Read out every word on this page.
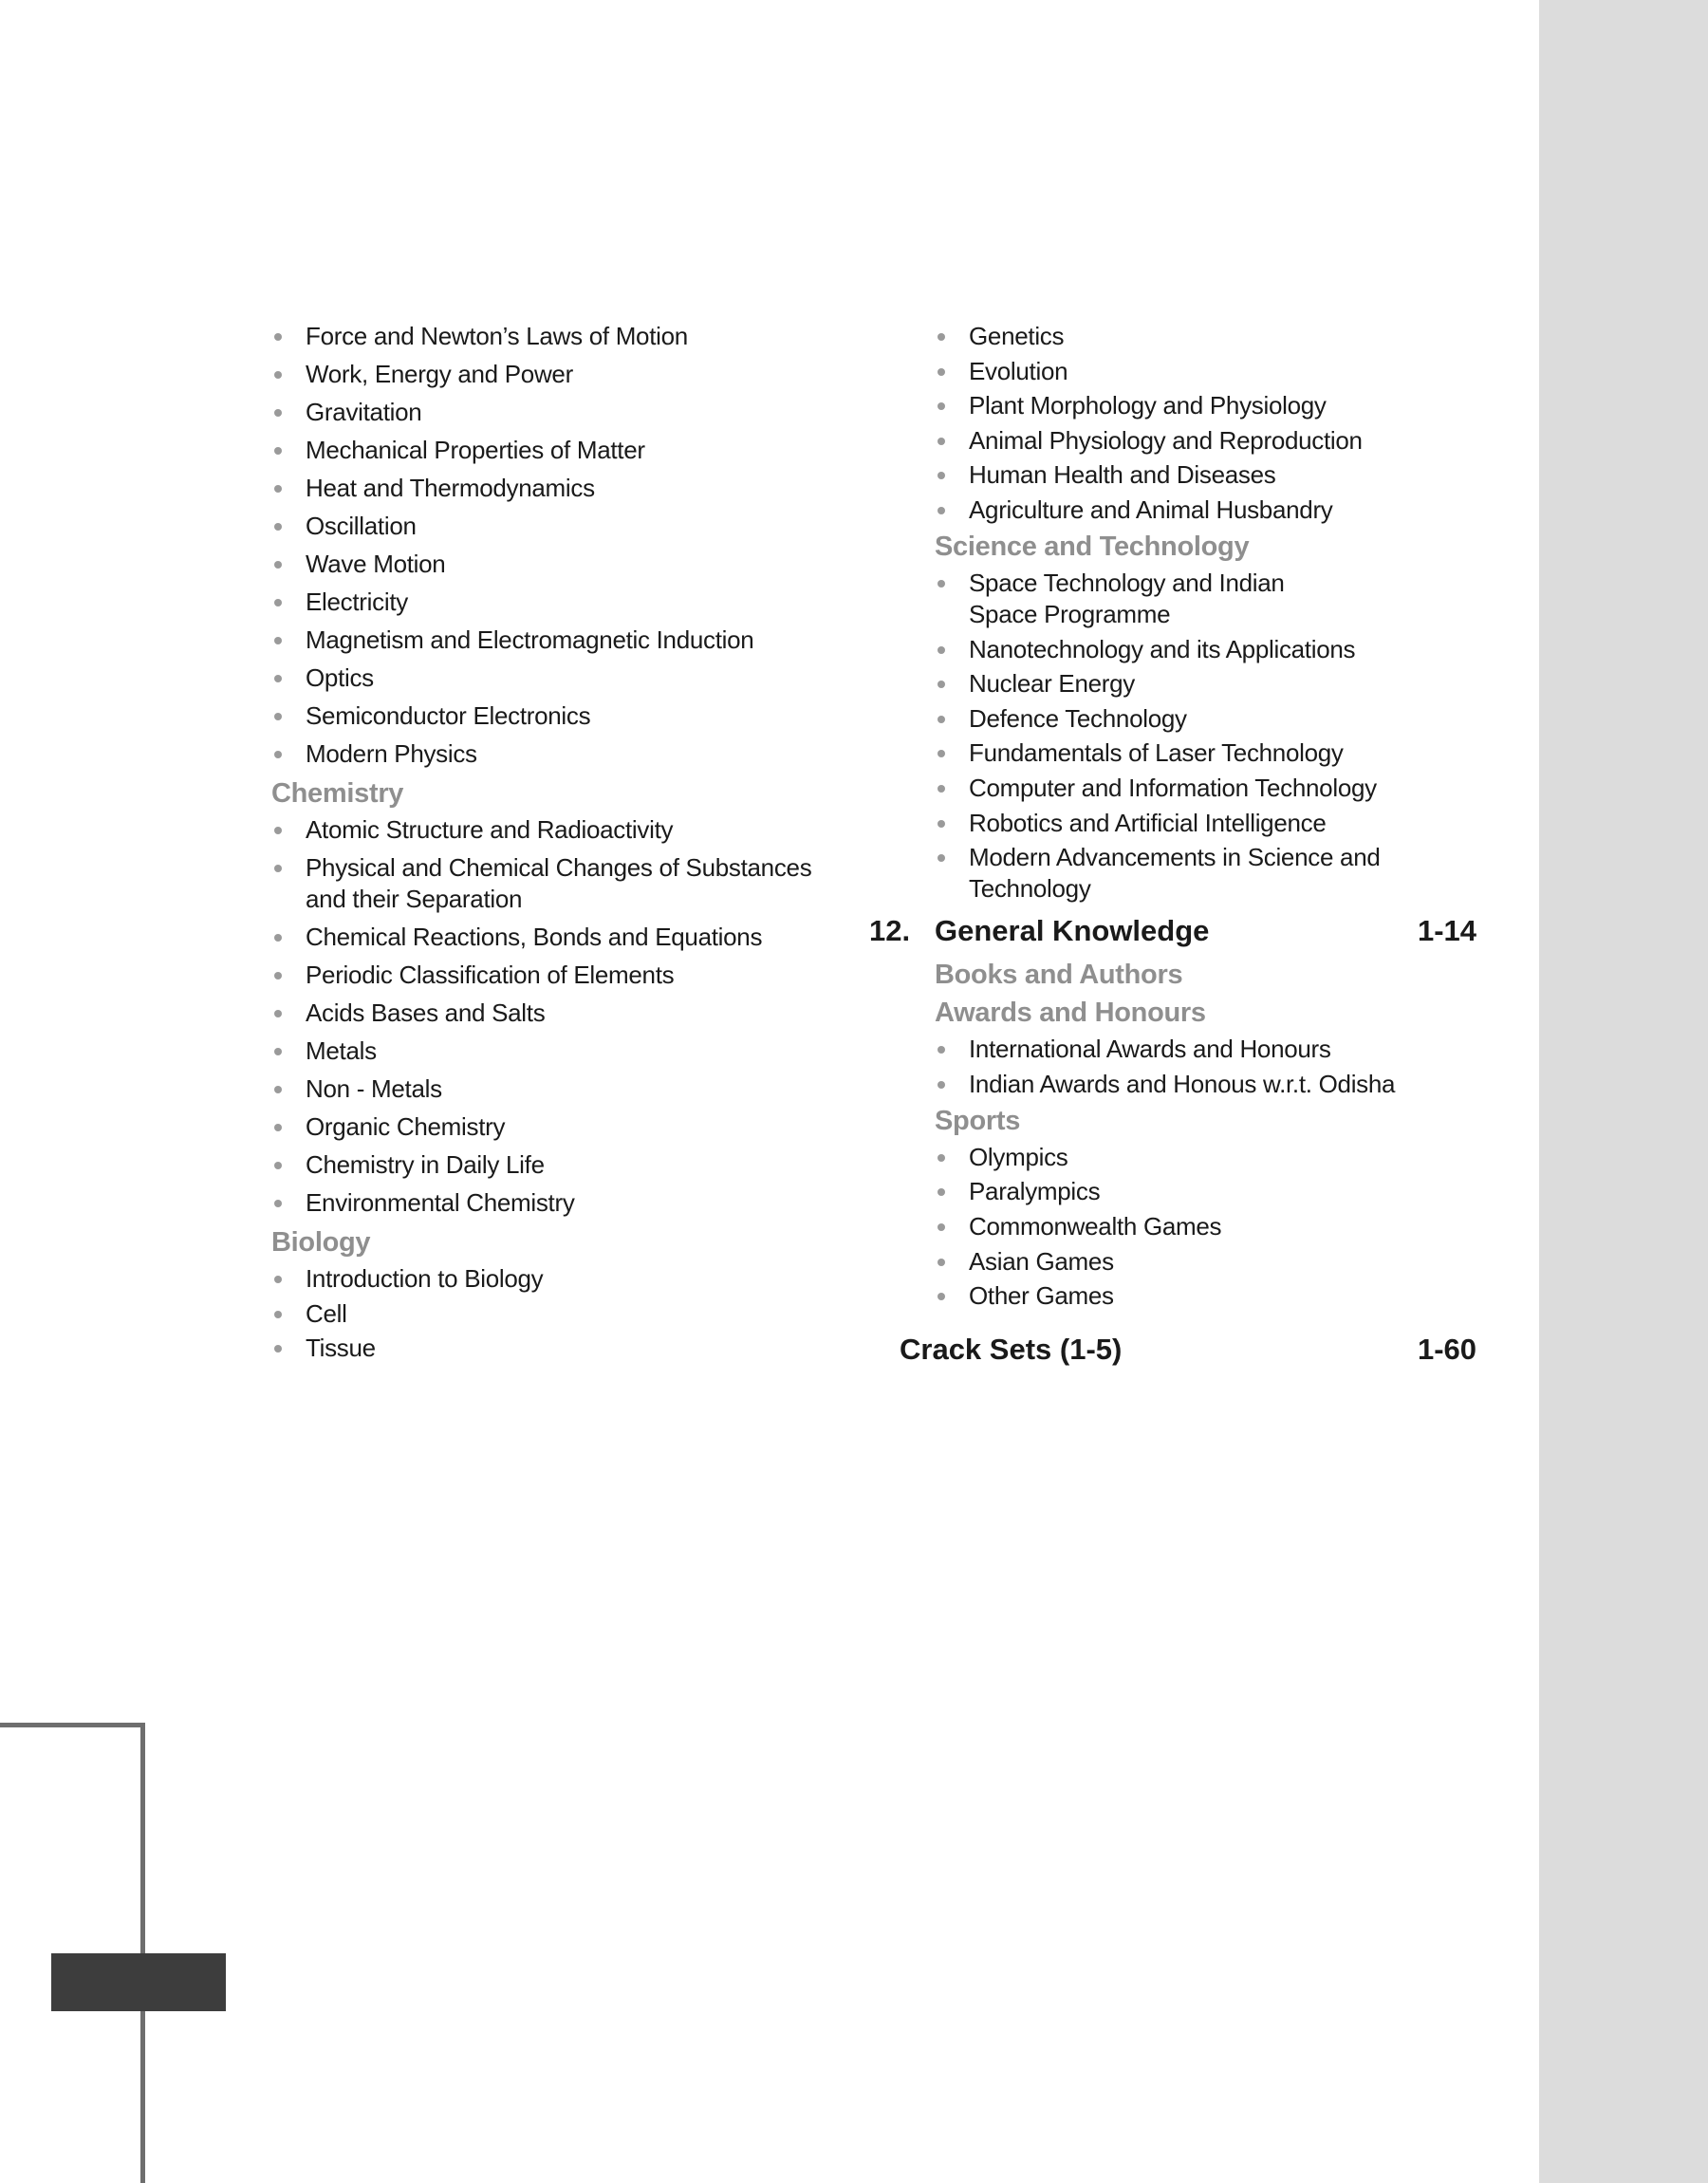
Force and Newton’s Laws of Motion
Work, Energy and Power
Gravitation
Mechanical Properties of Matter
Heat and Thermodynamics
Oscillation
Wave Motion
Electricity
Magnetism and Electromagnetic Induction
Optics
Semiconductor Electronics
Modern Physics
Chemistry
Atomic Structure and Radioactivity
Physical and Chemical Changes of Substances
and their Separation
Chemical Reactions, Bonds and Equations
Periodic Classification of Elements
Acids Bases and Salts
Metals
Non - Metals
Organic Chemistry
Chemistry in Daily Life
Environmental Chemistry
Biology
Introduction to Biology
Cell
Tissue
Genetics
Evolution
Plant Morphology and Physiology
Animal Physiology and Reproduction
Human Health and Diseases
Agriculture and Animal Husbandry
Science and Technology
Space Technology and Indian
Space Programme
Nanotechnology and its Applications
Nuclear Energy
Defence Technology
Fundamentals of Laser Technology
Computer and Information Technology
Robotics and Artificial Intelligence
Modern Advancements in Science and
Technology
12. General Knowledge	1-14
Books and Authors
Awards and Honours
International Awards and Honours
Indian Awards and Honous w.r.t. Odisha
Sports
Olympics
Paralympics
Commonwealth Games
Asian Games
Other Games
Crack Sets (1-5)	1-60
